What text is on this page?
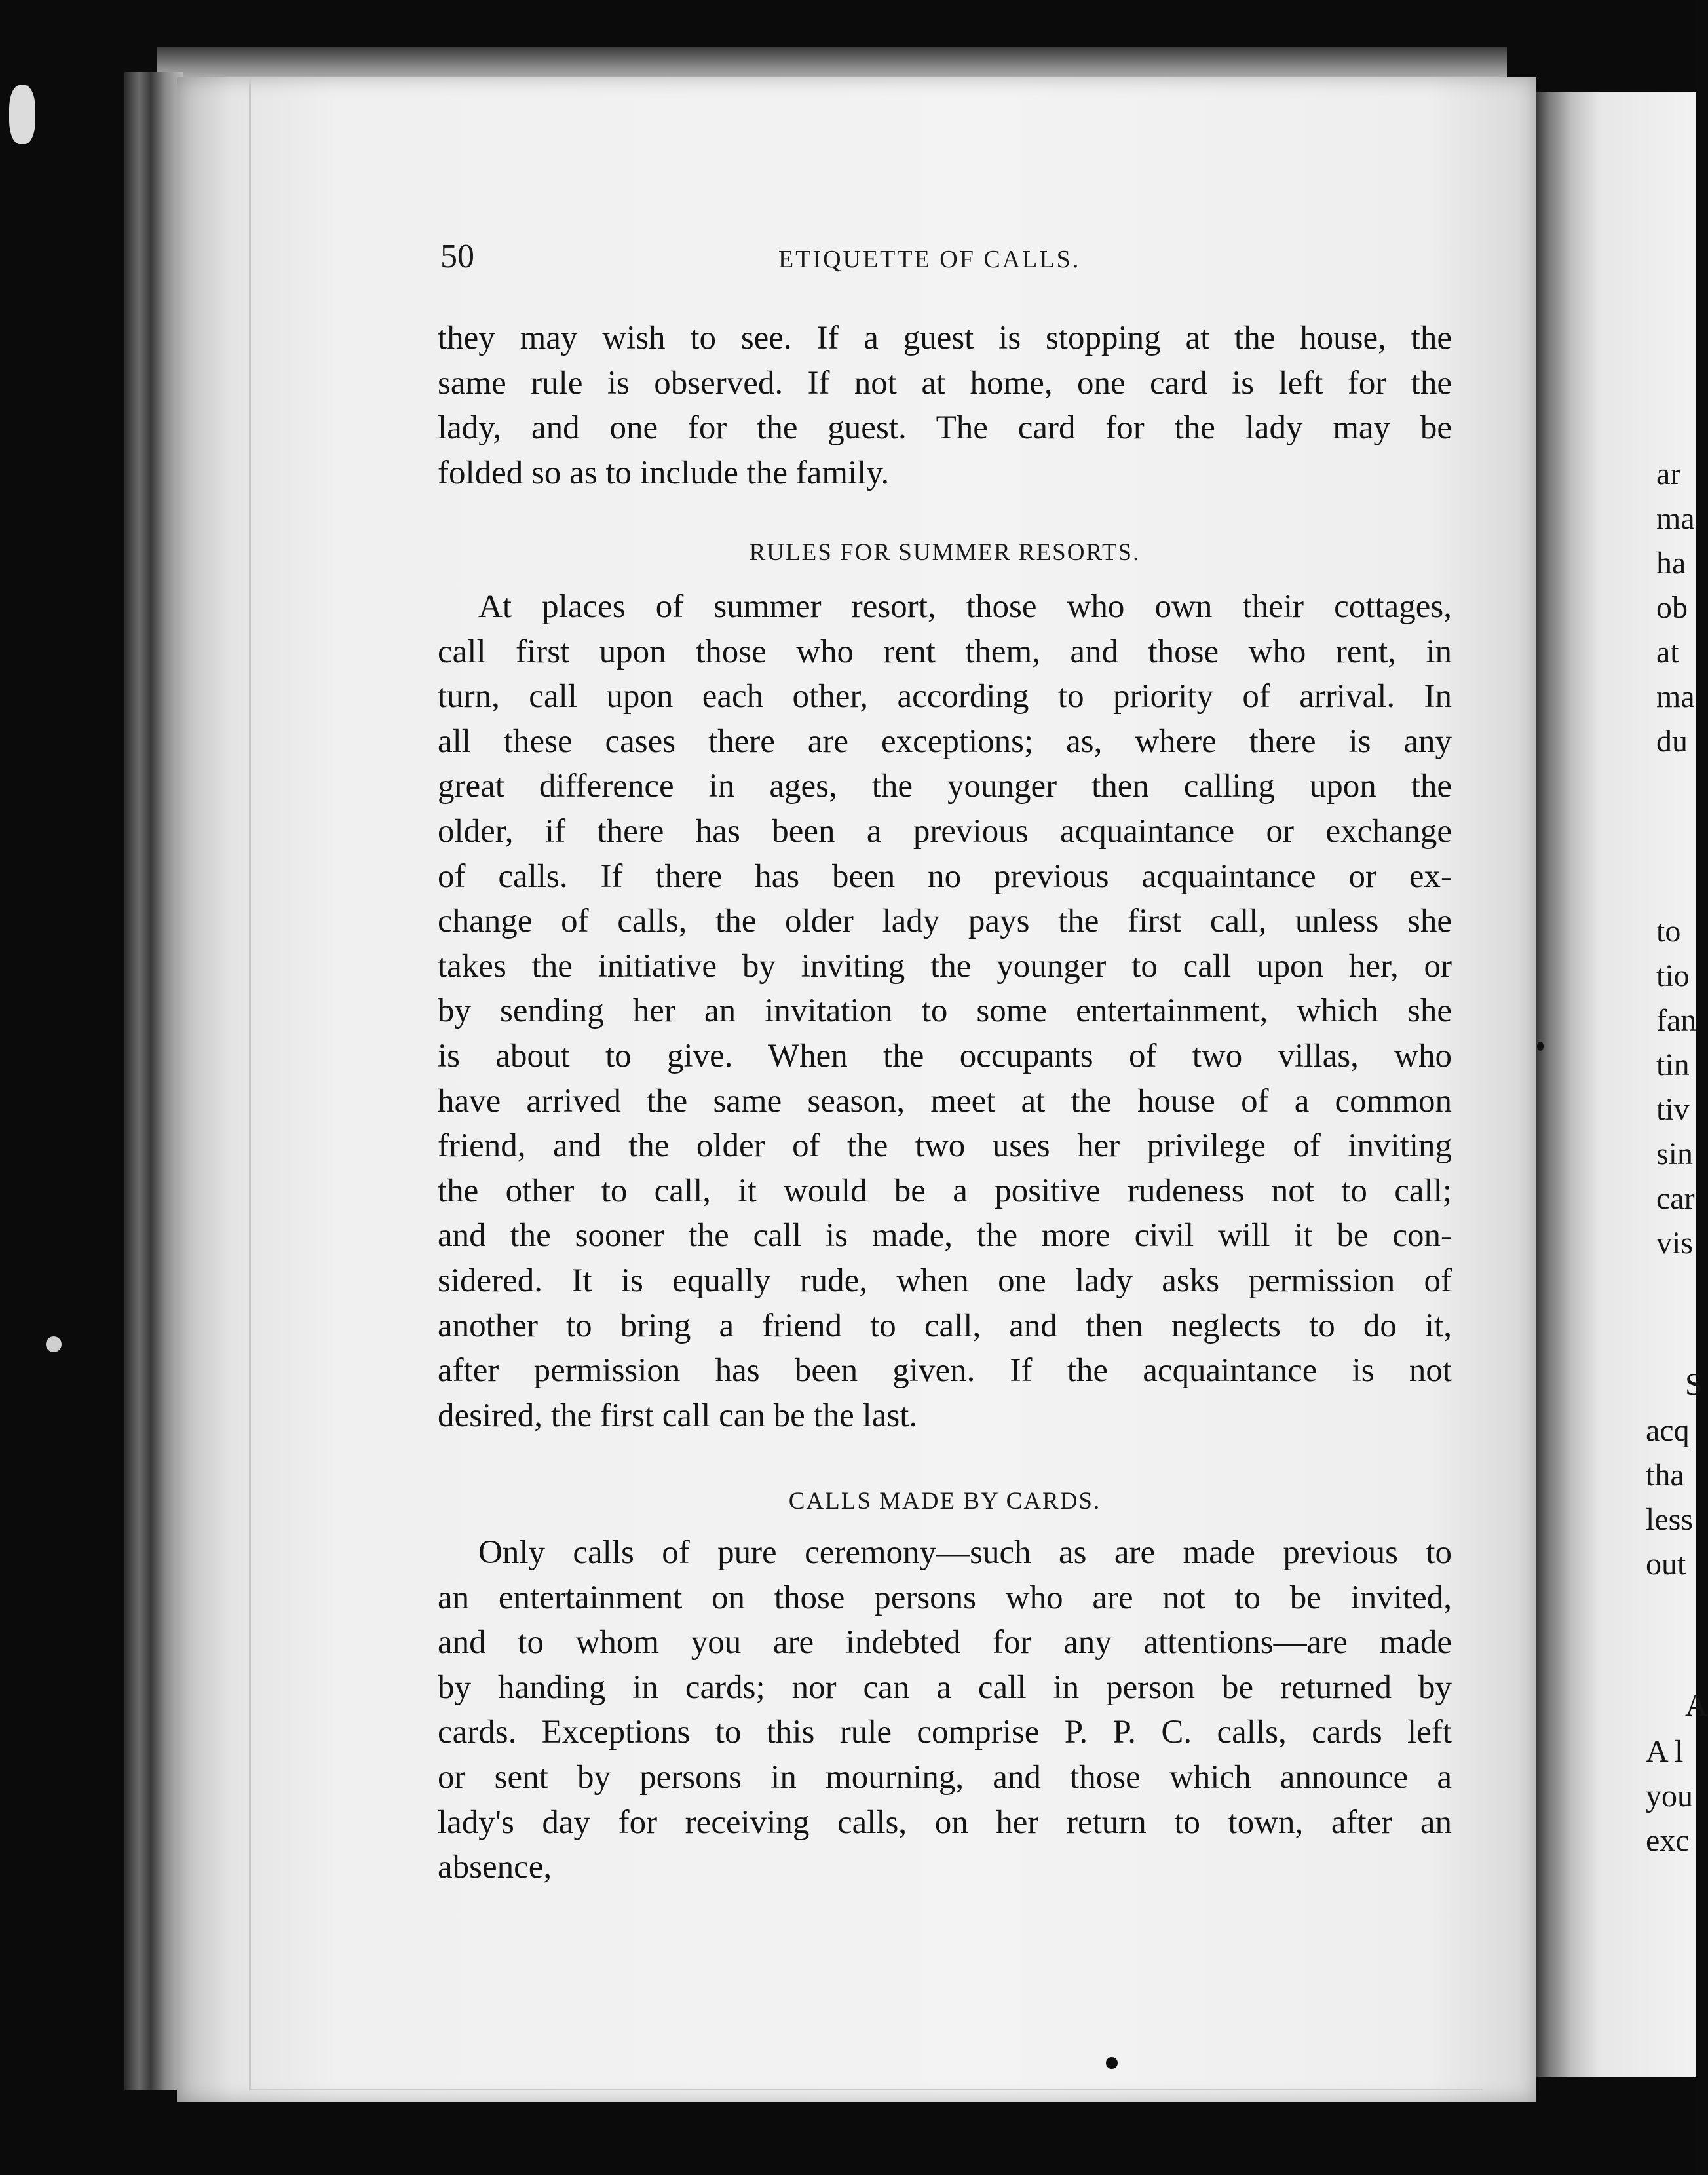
ar
ma
ha
ob
at
ma
du
to
tio
fan
tin
tiv
sin
car
vis
S
acq
tha
less
out
A
A l
you
exc
50	ETIQUETTE OF CALLS.
they may wish to see. If a guest is stopping at the house, the
same rule is observed. If not at home, one card is left for the
lady, and one for the guest. The card for the lady may be
folded so as to include the family.
RULES FOR SUMMER RESORTS.
At places of summer resort, those who own their cottages,
call first upon those who rent them, and those who rent, in
turn, call upon each other, according to priority of arrival. In
all these cases there are exceptions; as, where there is any
great difference in ages, the younger then calling upon the
older, if there has been a previous acquaintance or exchange
of calls. If there has been no previous acquaintance or ex-
change of calls, the older lady pays the first call, unless she
takes the initiative by inviting the younger to call upon her, or
by sending her an invitation to some entertainment, which she
is about to give. When the occupants of two villas, who
have arrived the same season, meet at the house of a common
friend, and the older of the two uses her privilege of inviting
the other to call, it would be a positive rudeness not to call;
and the sooner the call is made, the more civil will it be con-
sidered. It is equally rude, when one lady asks permission of
another to bring a friend to call, and then neglects to do it,
after permission has been given. If the acquaintance is not
desired, the first call can be the last.
CALLS MADE BY CARDS.
Only calls of pure ceremony—such as are made previous to
an entertainment on those persons who are not to be invited,
and to whom you are indebted for any attentions—are made
by handing in cards; nor can a call in person be returned by
cards. Exceptions to this rule comprise P. P. C. calls, cards left
or sent by persons in mourning, and those which announce a
lady's day for receiving calls, on her return to town, after an
absence,
